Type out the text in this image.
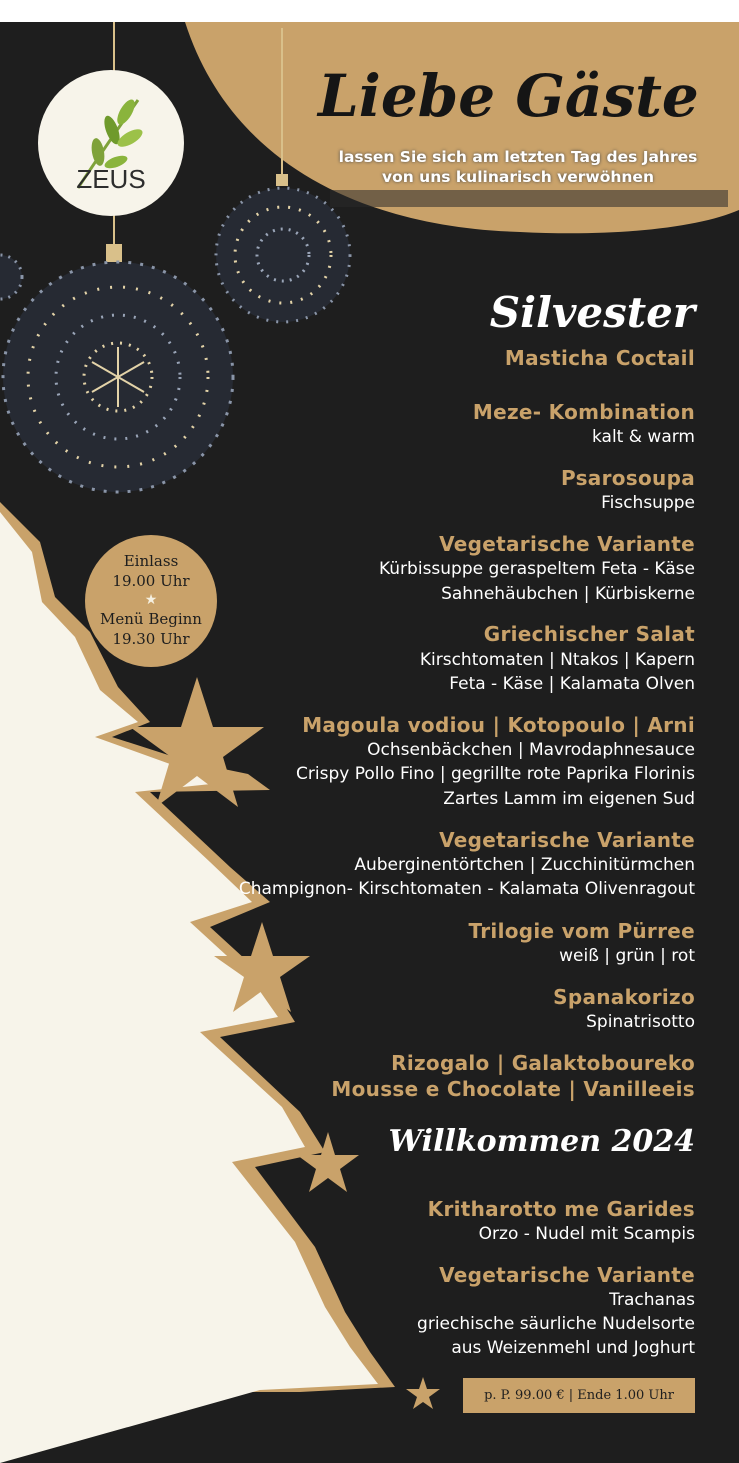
ZEUS
Liebe Gäste
lassen Sie sich am letzten Tag des Jahres
von uns kulinarisch verwöhnen
Einlass
19.00 Uhr
★
Menü Beginn
19.30 Uhr
Silvester
Masticha Coctail
Meze- Kombination
kalt & warm
Psarosoupa
Fischsuppe
Vegetarische Variante
Kürbissuppe geraspeltem Feta - Käse
Sahnehäubchen | Kürbiskerne
Griechischer Salat
Kirschtomaten | Ntakos | Kapern
Feta - Käse | Kalamata Olven
Magoula vodiou | Kotopoulo | Arni
Ochsenbäckchen | Mavrodaphnesauce
Crispy Pollo Fino | gegrillte rote Paprika Florinis
Zartes Lamm im eigenen Sud
Vegetarische Variante
Auberginentörtchen | Zucchinitürmchen
Champignon- Kirschtomaten - Kalamata Olivenragout
Trilogie vom Pürree
weiß | grün | rot
Spanakorizo
Spinatrisotto
Rizogalo | Galaktoboureko
Mousse e Chocolate | Vanilleeis
Willkommen 2024
Kritharotto me Garides
Orzo - Nudel mit Scampis
Vegetarische Variante
Trachanas
griechische säurliche Nudelsorte
aus Weizenmehl und Joghurt
p. P. 99.00 € | Ende 1.00 Uhr
